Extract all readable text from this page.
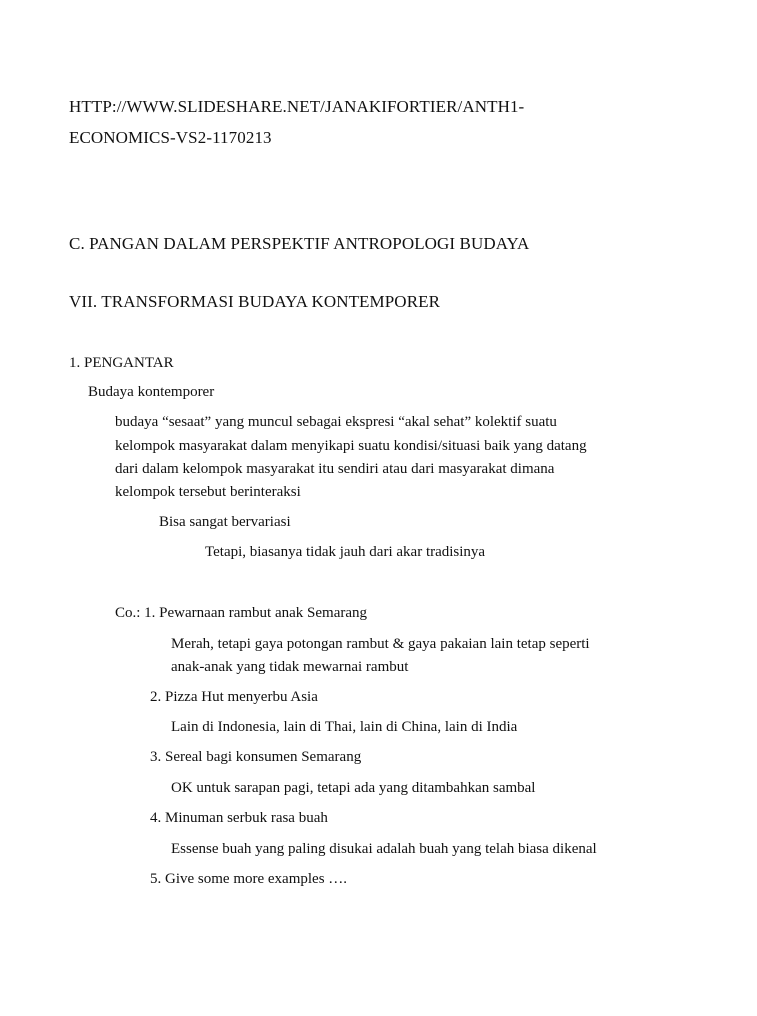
HTTP://WWW.SLIDESHARE.NET/JANAKIFORTIER/ANTH1-
ECONOMICS-VS2-1170213
C. PANGAN DALAM PERSPEKTIF ANTROPOLOGI BUDAYA
VII. TRANSFORMASI BUDAYA KONTEMPORER
1. PENGANTAR
Budaya kontemporer
budaya “sesaat” yang muncul sebagai ekspresi “akal sehat” kolektif suatu
kelompok masyarakat dalam menyikapi suatu kondisi/situasi baik yang datang
dari dalam kelompok masyarakat itu sendiri atau dari masyarakat dimana
kelompok tersebut berinteraksi
Bisa sangat bervariasi
Tetapi, biasanya tidak jauh dari akar tradisinya
Co.: 1. Pewarnaan rambut anak Semarang
Merah, tetapi gaya potongan rambut & gaya pakaian lain tetap seperti
anak-anak yang tidak mewarnai rambut
2. Pizza Hut menyerbu Asia
Lain di Indonesia, lain di Thai, lain di China, lain di India
3. Sereal bagi konsumen Semarang
OK untuk sarapan pagi, tetapi ada yang ditambahkan sambal
4. Minuman serbuk rasa buah
Essense buah yang paling disukai adalah buah yang telah biasa dikenal
5. Give some more examples ….
